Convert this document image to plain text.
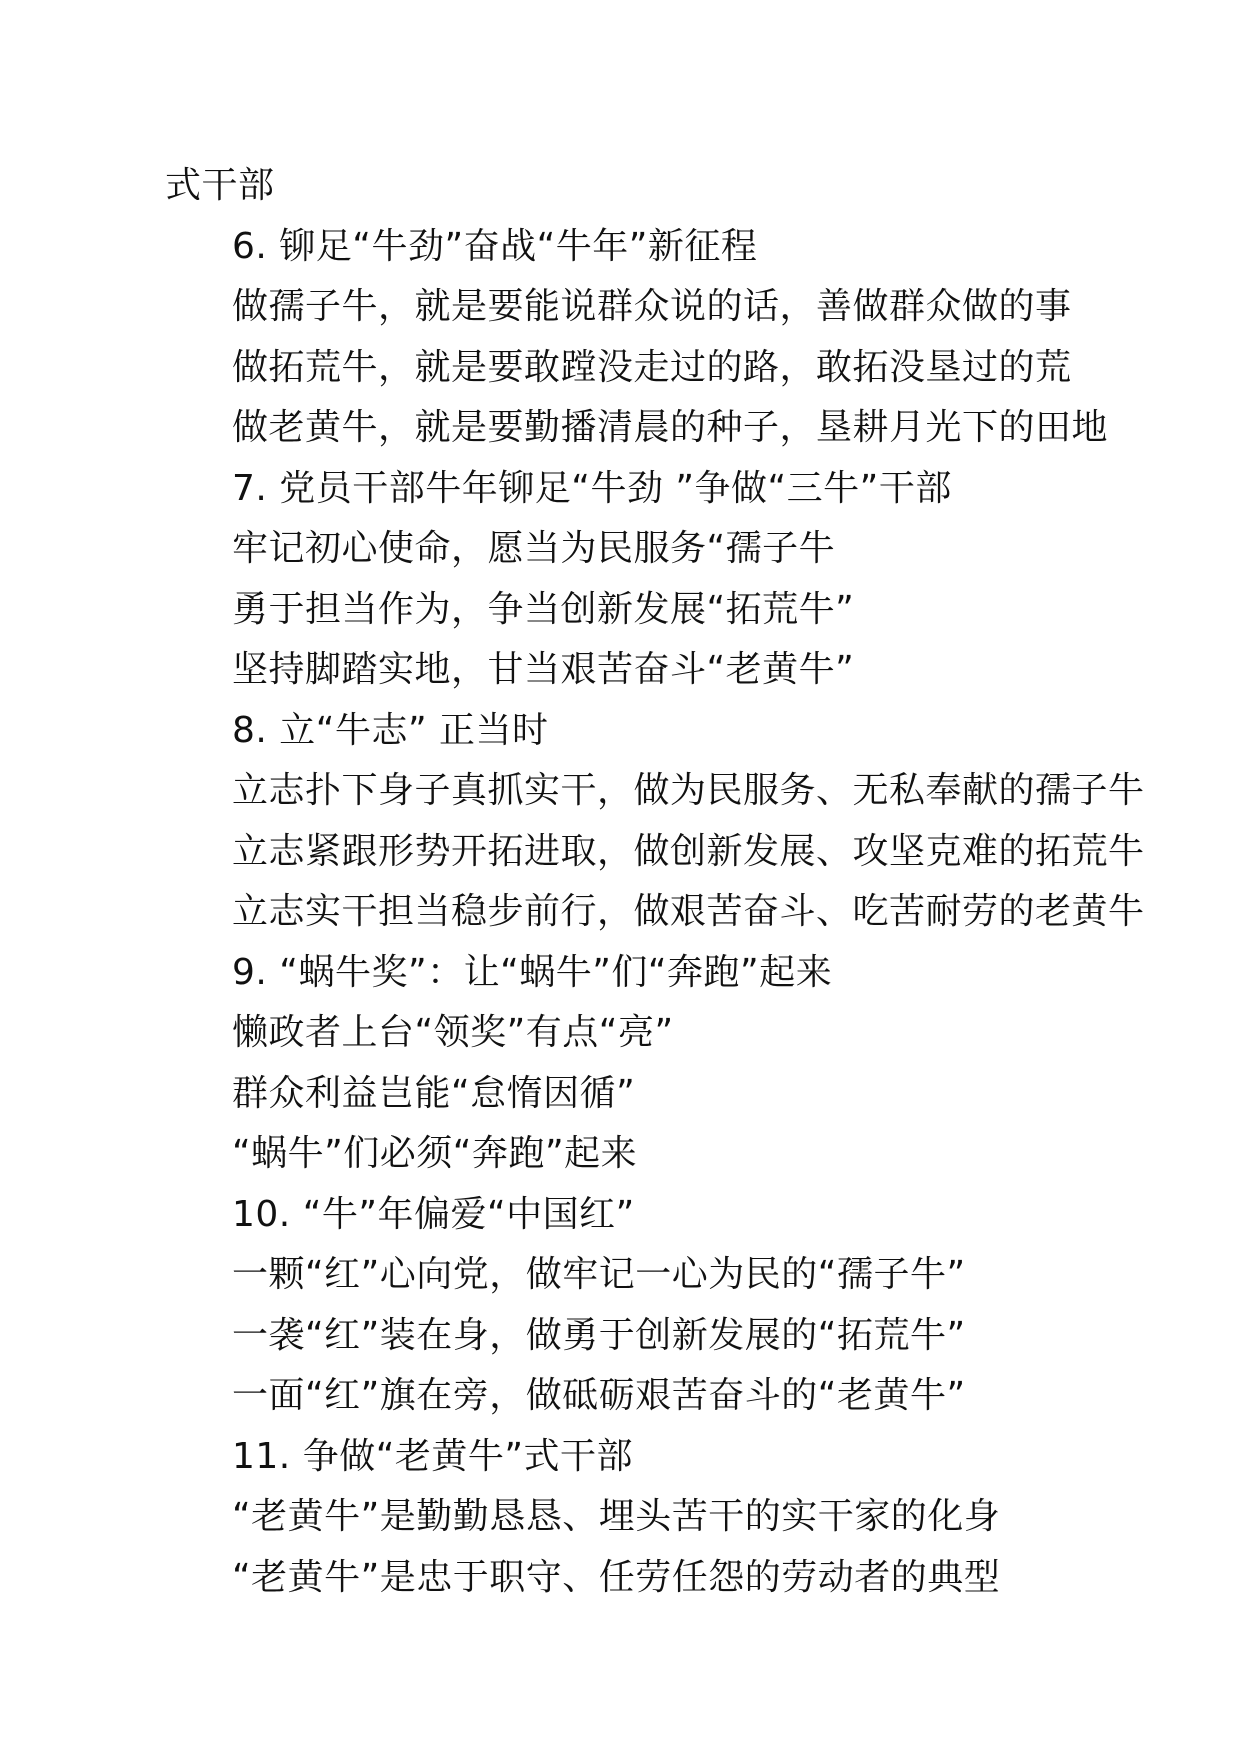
式干部
6. 铆足“牛劲”奋战“牛年”新征程
做孺子牛，就是要能说群众说的话，善做群众做的事
做拓荒牛，就是要敢蹚没走过的路，敢拓没垦过的荒
做老黄牛，就是要勤播清晨的种子，垦耕月光下的田地
7. 党员干部牛年铆足“牛劲 ”争做“三牛”干部
牢记初心使命，愿当为民服务“孺子牛
勇于担当作为，争当创新发展“拓荒牛”
坚持脚踏实地，甘当艰苦奋斗“老黄牛”
8. 立“牛志” 正当时
立志扑下身子真抓实干，做为民服务、无私奉献的孺子牛
立志紧跟形势开拓进取，做创新发展、攻坚克难的拓荒牛
立志实干担当稳步前行，做艰苦奋斗、吃苦耐劳的老黄牛
9. “蜗牛奖”：让“蜗牛”们“奔跑”起来
懒政者上台“领奖”有点“亮”
群众利益岂能“怠惰因循”
“蜗牛”们必须“奔跑”起来
10. “牛”年偏爱“中国红”
一颗“红”心向党，做牢记一心为民的“孺子牛”
一袭“红”装在身，做勇于创新发展的“拓荒牛”
一面“红”旗在旁，做砥砺艰苦奋斗的“老黄牛”
11. 争做“老黄牛”式干部
“老黄牛”是勤勤恳恳、埋头苦干的实干家的化身
“老黄牛”是忠于职守、任劳任怨的劳动者的典型
